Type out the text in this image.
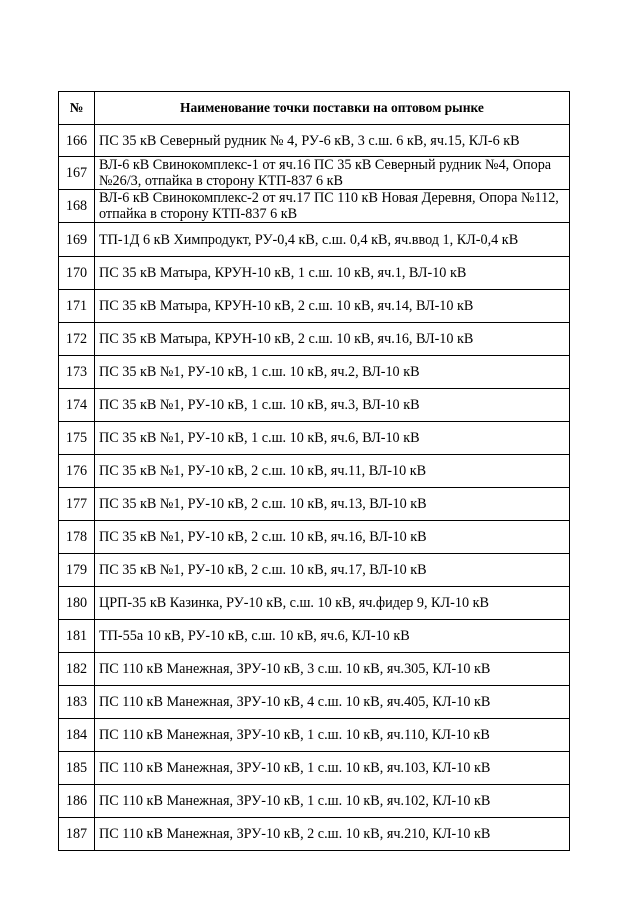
№	Наименование точки поставки на оптовом рынке
166	ПС 35 кВ Северный рудник № 4, РУ-6 кВ, 3 с.ш. 6 кВ, яч.15, КЛ-6 кВ
167	ВЛ-6 кВ Свинокомплекс-1 от яч.16 ПС 35 кВ Северный рудник №4, Опора №26/3, отпайка в сторону КТП-837 6 кВ
168	ВЛ-6 кВ Свинокомплекс-2 от яч.17 ПС 110 кВ Новая Деревня, Опора №112, отпайка в сторону КТП-837 6 кВ
169	ТП-1Д 6 кВ Химпродукт, РУ-0,4 кВ, с.ш. 0,4 кВ, яч.ввод 1, КЛ-0,4 кВ
170	ПС 35 кВ Матыра, КРУН-10 кВ, 1 с.ш. 10 кВ, яч.1, ВЛ-10 кВ
171	ПС 35 кВ Матыра, КРУН-10 кВ, 2 с.ш. 10 кВ, яч.14, ВЛ-10 кВ
172	ПС 35 кВ Матыра, КРУН-10 кВ, 2 с.ш. 10 кВ, яч.16, ВЛ-10 кВ
173	ПС 35 кВ №1, РУ-10 кВ, 1 с.ш. 10 кВ, яч.2, ВЛ-10 кВ
174	ПС 35 кВ №1, РУ-10 кВ, 1 с.ш. 10 кВ, яч.3, ВЛ-10 кВ
175	ПС 35 кВ №1, РУ-10 кВ, 1 с.ш. 10 кВ, яч.6, ВЛ-10 кВ
176	ПС 35 кВ №1, РУ-10 кВ, 2 с.ш. 10 кВ, яч.11, ВЛ-10 кВ
177	ПС 35 кВ №1, РУ-10 кВ, 2 с.ш. 10 кВ, яч.13, ВЛ-10 кВ
178	ПС 35 кВ №1, РУ-10 кВ, 2 с.ш. 10 кВ, яч.16, ВЛ-10 кВ
179	ПС 35 кВ №1, РУ-10 кВ, 2 с.ш. 10 кВ, яч.17, ВЛ-10 кВ
180	ЦРП-35 кВ Казинка, РУ-10 кВ, с.ш. 10 кВ, яч.фидер 9, КЛ-10 кВ
181	ТП-55а 10 кВ, РУ-10 кВ, с.ш. 10 кВ, яч.6, КЛ-10 кВ
182	ПС 110 кВ Манежная, ЗРУ-10 кВ, 3 с.ш. 10 кВ, яч.305, КЛ-10 кВ
183	ПС 110 кВ Манежная, ЗРУ-10 кВ, 4 с.ш. 10 кВ, яч.405, КЛ-10 кВ
184	ПС 110 кВ Манежная, ЗРУ-10 кВ, 1 с.ш. 10 кВ, яч.110, КЛ-10 кВ
185	ПС 110 кВ Манежная, ЗРУ-10 кВ, 1 с.ш. 10 кВ, яч.103, КЛ-10 кВ
186	ПС 110 кВ Манежная, ЗРУ-10 кВ, 1 с.ш. 10 кВ, яч.102, КЛ-10 кВ
187	ПС 110 кВ Манежная, ЗРУ-10 кВ, 2 с.ш. 10 кВ, яч.210, КЛ-10 кВ
